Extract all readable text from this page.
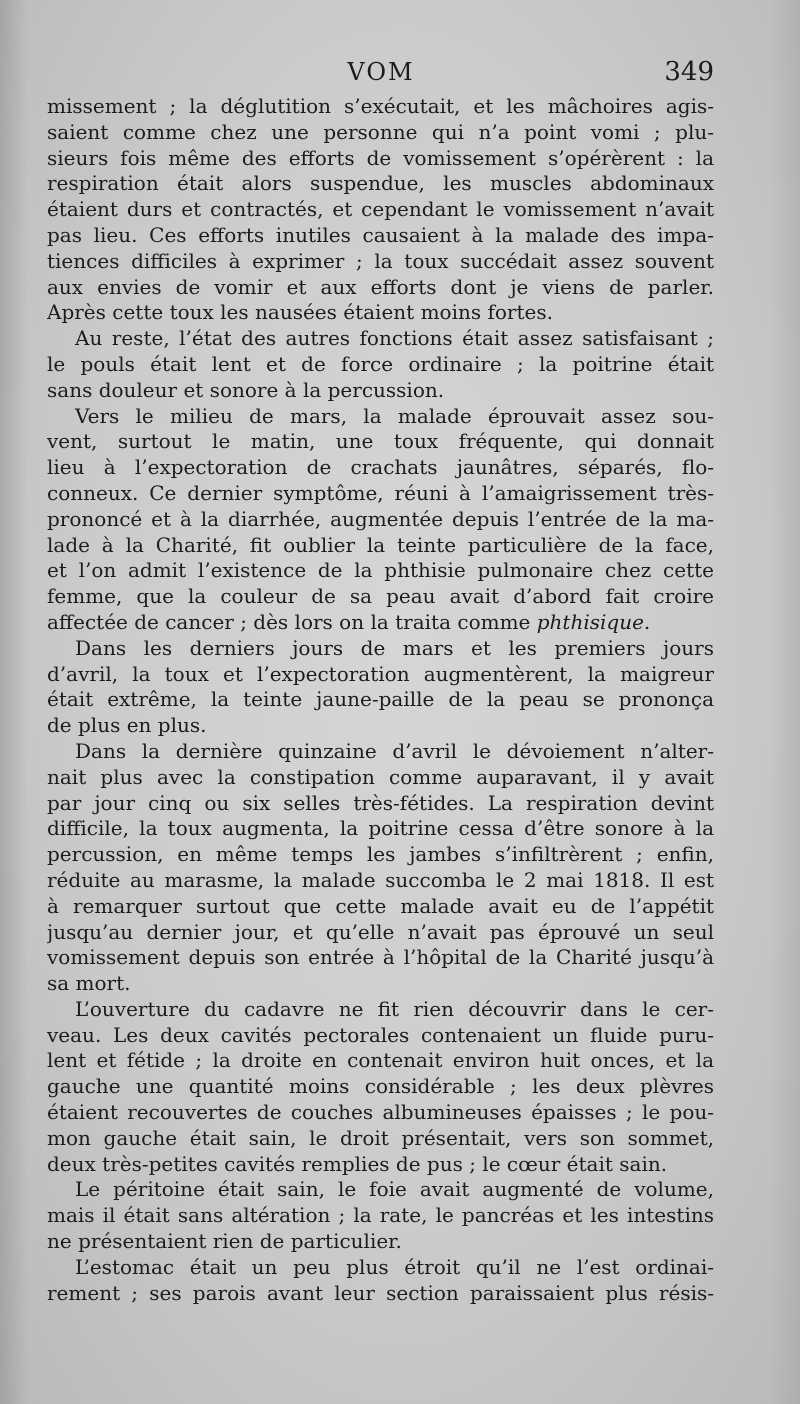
VOM	349
missement ; la déglutition s’exécutait, et les mâchoires agis-
saient comme chez une personne qui n’a point vomi ; plu-
sieurs fois même des efforts de vomissement s’opérèrent : la
respiration était alors suspendue, les muscles abdominaux
étaient durs et contractés, et cependant le vomissement n’avait
pas lieu. Ces efforts inutiles causaient à la malade des impa-
tiences difficiles à exprimer ; la toux succédait assez souvent
aux envies de vomir et aux efforts dont je viens de parler.
Après cette toux les nausées étaient moins fortes.
Au reste, l’état des autres fonctions était assez satisfaisant ;
le pouls était lent et de force ordinaire ; la poitrine était
sans douleur et sonore à la percussion.
Vers le milieu de mars, la malade éprouvait assez sou-
vent, surtout le matin, une toux fréquente, qui donnait
lieu à l’expectoration de crachats jaunâtres, séparés, flo-
conneux. Ce dernier symptôme, réuni à l’amaigrissement très-
prononcé et à la diarrhée, augmentée depuis l’entrée de la ma-
lade à la Charité, fit oublier la teinte particulière de la face,
et l’on admit l’existence de la phthisie pulmonaire chez cette
femme, que la couleur de sa peau avait d’abord fait croire
affectée de cancer ; dès lors on la traita comme phthisique.
Dans les derniers jours de mars et les premiers jours
d’avril, la toux et l’expectoration augmentèrent, la maigreur
était extrême, la teinte jaune-paille de la peau se prononça
de plus en plus.
Dans la dernière quinzaine d’avril le dévoiement n’alter-
nait plus avec la constipation comme auparavant, il y avait
par jour cinq ou six selles très-fétides. La respiration devint
difficile, la toux augmenta, la poitrine cessa d’être sonore à la
percussion, en même temps les jambes s’infiltrèrent ; enfin,
réduite au marasme, la malade succomba le 2 mai 1818. Il est
à remarquer surtout que cette malade avait eu de l’appétit
jusqu’au dernier jour, et qu’elle n’avait pas éprouvé un seul
vomissement depuis son entrée à l’hôpital de la Charité jusqu’à
sa mort.
L’ouverture du cadavre ne fit rien découvrir dans le cer-
veau. Les deux cavités pectorales contenaient un fluide puru-
lent et fétide ; la droite en contenait environ huit onces, et la
gauche une quantité moins considérable ; les deux plèvres
étaient recouvertes de couches albumineuses épaisses ; le pou-
mon gauche était sain, le droit présentait, vers son sommet,
deux très-petites cavités remplies de pus ; le cœur était sain.
Le péritoine était sain, le foie avait augmenté de volume,
mais il était sans altération ; la rate, le pancréas et les intestins
ne présentaient rien de particulier.
L’estomac était un peu plus étroit qu’il ne l’est ordinai-
rement ; ses parois avant leur section paraissaient plus résis-
